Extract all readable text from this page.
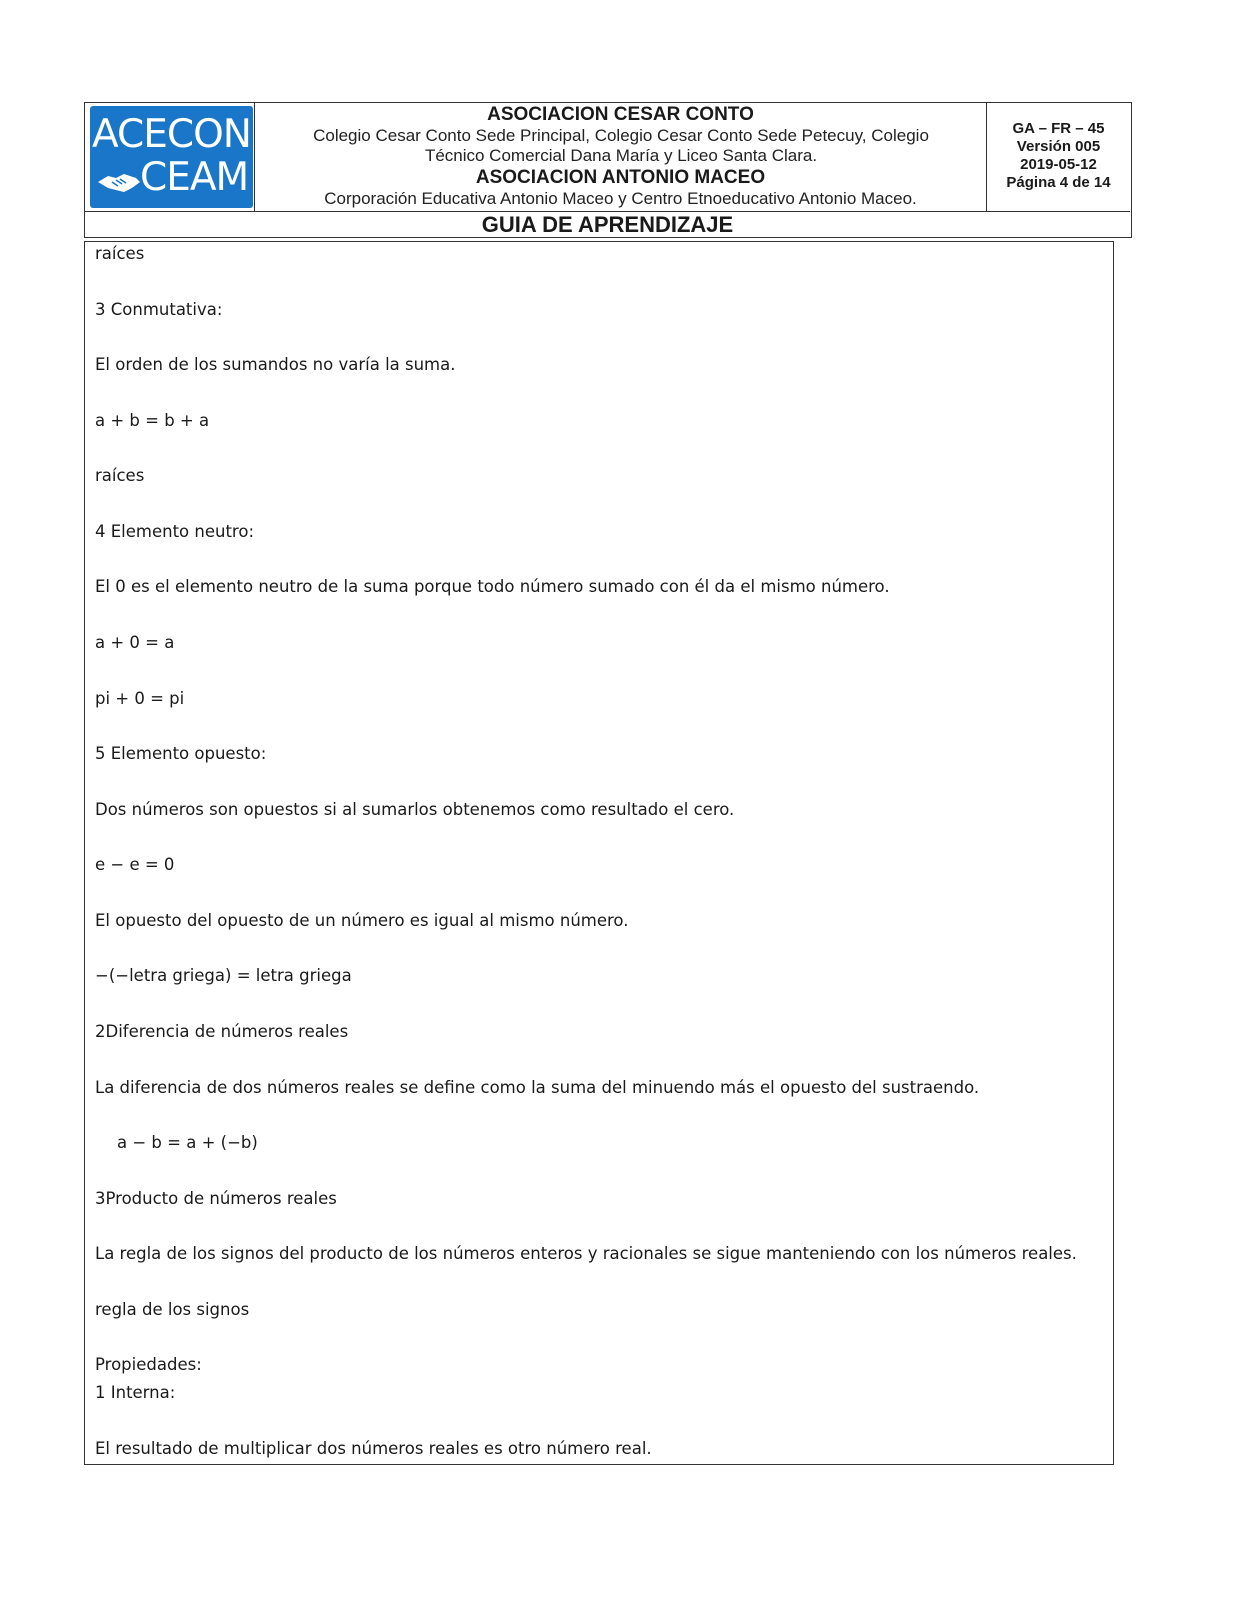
ACECON
CEAM
ASOCIACION CESAR CONTO
Colegio Cesar Conto Sede Principal, Colegio Cesar Conto Sede Petecuy, Colegio Técnico Comercial Dana María y Liceo Santa Clara.
ASOCIACION ANTONIO MACEO
Corporación Educativa Antonio Maceo y Centro Etnoeducativo Antonio Maceo.
GA – FR – 45
Versión 005
2019-05-12
Página 4 de 14
GUIA DE APRENDIZAJE
raíces
3 Conmutativa:
El orden de los sumandos no varía la suma.
a + b = b + a
raíces
4 Elemento neutro:
El 0 es el elemento neutro de la suma porque todo número sumado con él da el mismo número.
a + 0 = a
pi + 0 = pi
5 Elemento opuesto:
Dos números son opuestos si al sumarlos obtenemos como resultado el cero.
e − e = 0
El opuesto del opuesto de un número es igual al mismo número.
−(−letra griega) = letra griega
2Diferencia de números reales
La diferencia de dos números reales se define como la suma del minuendo más el opuesto del sustraendo.
a − b = a + (−b)
3Producto de números reales
La regla de los signos del producto de los números enteros y racionales se sigue manteniendo con los números reales.
regla de los signos
Propiedades:
1 Interna:
El resultado de multiplicar dos números reales es otro número real.
